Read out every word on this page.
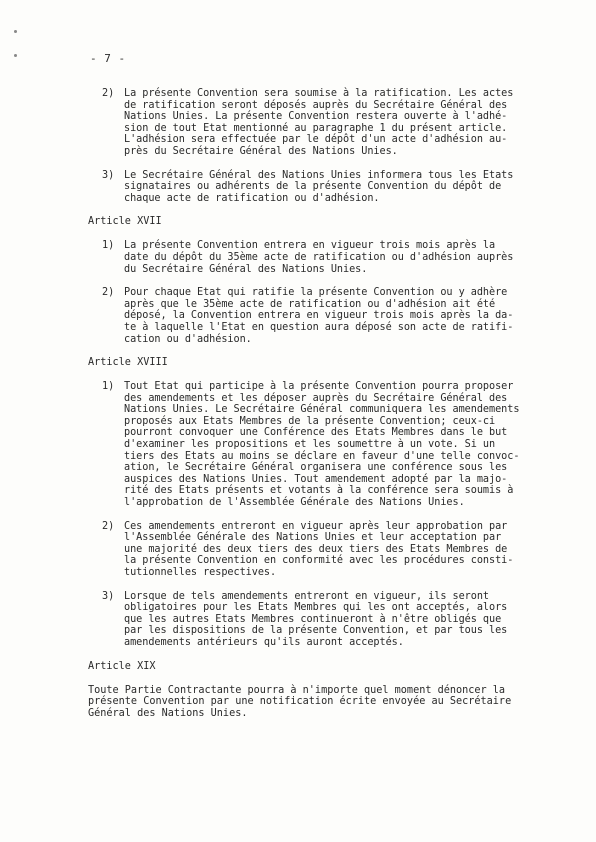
- 7 -
2) La présente Convention sera soumise à la ratification. Les actes
de ratification seront déposés auprès du Secrétaire Général des
Nations Unies. La présente Convention restera ouverte à l'adhé-
sion de tout Etat mentionné au paragraphe 1 du présent article.
L'adhésion sera effectuée par le dépôt d'un acte d'adhésion au-
près du Secrétaire Général des Nations Unies.
3) Le Secrétaire Général des Nations Unies informera tous les Etats
signataires ou adhérents de la présente Convention du dépôt de
chaque acte de ratification ou d'adhésion.
Article XVII
1) La présente Convention entrera en vigueur trois mois après la
date du dépôt du 35ème acte de ratification ou d'adhésion auprès
du Secrétaire Général des Nations Unies.
2) Pour chaque Etat qui ratifie la présente Convention ou y adhère
après que le 35ème acte de ratification ou d'adhésion ait été
déposé, la Convention entrera en vigueur trois mois après la da-
te à laquelle l'Etat en question aura déposé son acte de ratifi-
cation ou d'adhésion.
Article XVIII
1) Tout Etat qui participe à la présente Convention pourra proposer
des amendements et les déposer auprès du Secrétaire Général des
Nations Unies. Le Secrétaire Général communiquera les amendements
proposés aux Etats Membres de la présente Convention; ceux-ci
pourront convoquer une Conférence des Etats Membres dans le but
d'examiner les propositions et les soumettre à un vote. Si un
tiers des Etats au moins se déclare en faveur d'une telle convoc-
ation, le Secrétaire Général organisera une conférence sous les
auspices des Nations Unies. Tout amendement adopté par la majo-
rité des Etats présents et votants à la conférence sera soumis à
l'approbation de l'Assemblée Générale des Nations Unies.
2) Ces amendements entreront en vigueur après leur approbation par
l'Assemblée Générale des Nations Unies et leur acceptation par
une majorité des deux tiers des deux tiers des Etats Membres de
la présente Convention en conformité avec les procédures consti-
tutionnelles respectives.
3) Lorsque de tels amendements entreront en vigueur, ils seront
obligatoires pour les Etats Membres qui les ont acceptés, alors
que les autres Etats Membres continueront à n'être obligés que
par les dispositions de la présente Convention, et par tous les
amendements antérieurs qu'ils auront acceptés.
Article XIX
Toute Partie Contractante pourra à n'importe quel moment dénoncer la
présente Convention par une notification écrite envoyée au Secrétaire
Général des Nations Unies.
